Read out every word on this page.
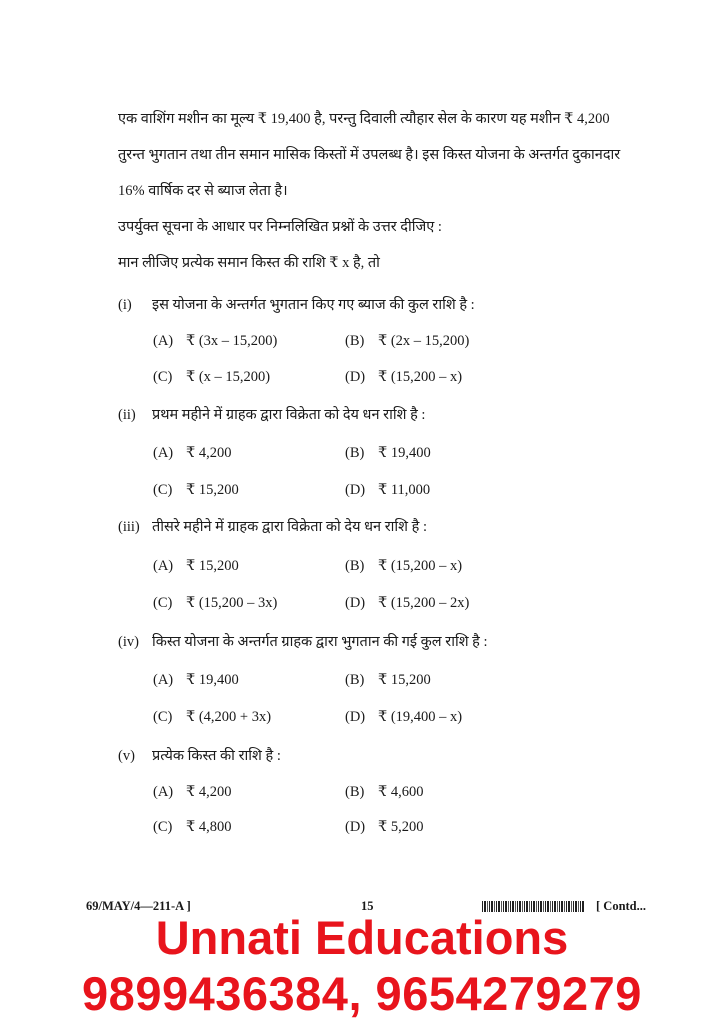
एक वाशिंग मशीन का मूल्य ₹ 19,400 है, परन्तु दिवाली त्यौहार सेल के कारण यह मशीन ₹ 4,200
तुरन्त भुगतान तथा तीन समान मासिक किस्तों में उपलब्ध है। इस किस्त योजना के अन्तर्गत दुकानदार
16% वार्षिक दर से ब्याज लेता है।
उपर्युक्त सूचना के आधार पर निम्नलिखित प्रश्नों के उत्तर दीजिए :
मान लीजिए प्रत्येक समान किस्त की राशि ₹ x है, तो
(i) इस योजना के अन्तर्गत भुगतान किए गए ब्याज की कुल राशि है :
(A) ₹ (3x – 15,200)	(B) ₹ (2x – 15,200)
(C) ₹ (x – 15,200)	(D) ₹ (15,200 – x)
(ii) प्रथम महीने में ग्राहक द्वारा विक्रेता को देय धन राशि है :
(A) ₹ 4,200	(B) ₹ 19,400
(C) ₹ 15,200	(D) ₹ 11,000
(iii) तीसरे महीने में ग्राहक द्वारा विक्रेता को देय धन राशि है :
(A) ₹ 15,200	(B) ₹ (15,200 – x)
(C) ₹ (15,200 – 3x)	(D) ₹ (15,200 – 2x)
(iv) किस्त योजना के अन्तर्गत ग्राहक द्वारा भुगतान की गई कुल राशि है :
(A) ₹ 19,400	(B) ₹ 15,200
(C) ₹ (4,200 + 3x)	(D) ₹ (19,400 – x)
(v) प्रत्येक किस्त की राशि है :
(A) ₹ 4,200	(B) ₹ 4,600
(C) ₹ 4,800	(D) ₹ 5,200
69/MAY/4—211-A ]	15	[ Contd...
Unnati Educations
9899436384, 9654279279
